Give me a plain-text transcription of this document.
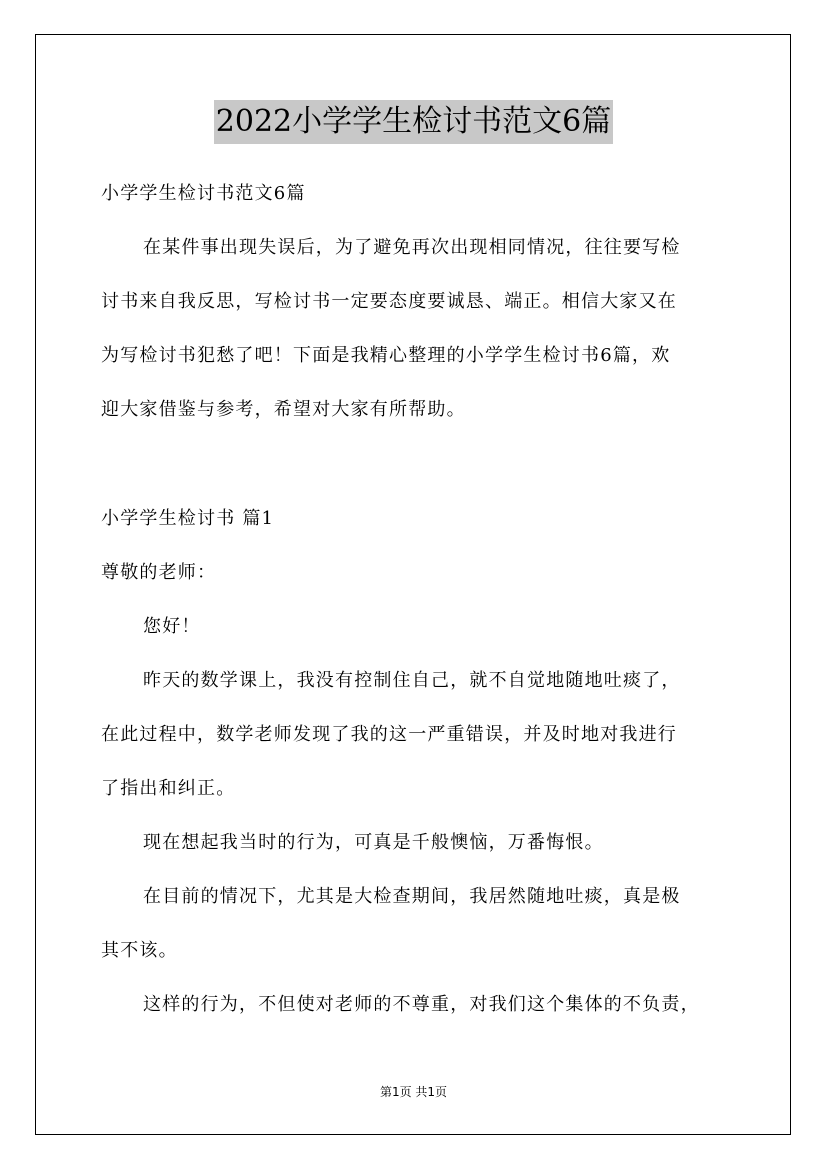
2022小学学生检讨书范文6篇
小学学生检讨书范文6篇
在某件事出现失误后，为了避免再次出现相同情况，往往要写检
讨书来自我反思，写检讨书一定要态度要诚恳、端正。相信大家又在
为写检讨书犯愁了吧！下面是我精心整理的小学学生检讨书6篇，欢
迎大家借鉴与参考，希望对大家有所帮助。
小学学生检讨书 篇1
尊敬的老师：
您好！
昨天的数学课上，我没有控制住自己，就不自觉地随地吐痰了，
在此过程中，数学老师发现了我的这一严重错误，并及时地对我进行
了指出和纠正。
现在想起我当时的行为，可真是千般懊恼，万番悔恨。
在目前的情况下，尤其是大检查期间，我居然随地吐痰，真是极
其不该。
这样的行为，不但使对老师的不尊重，对我们这个集体的不负责，
第1页 共1页
